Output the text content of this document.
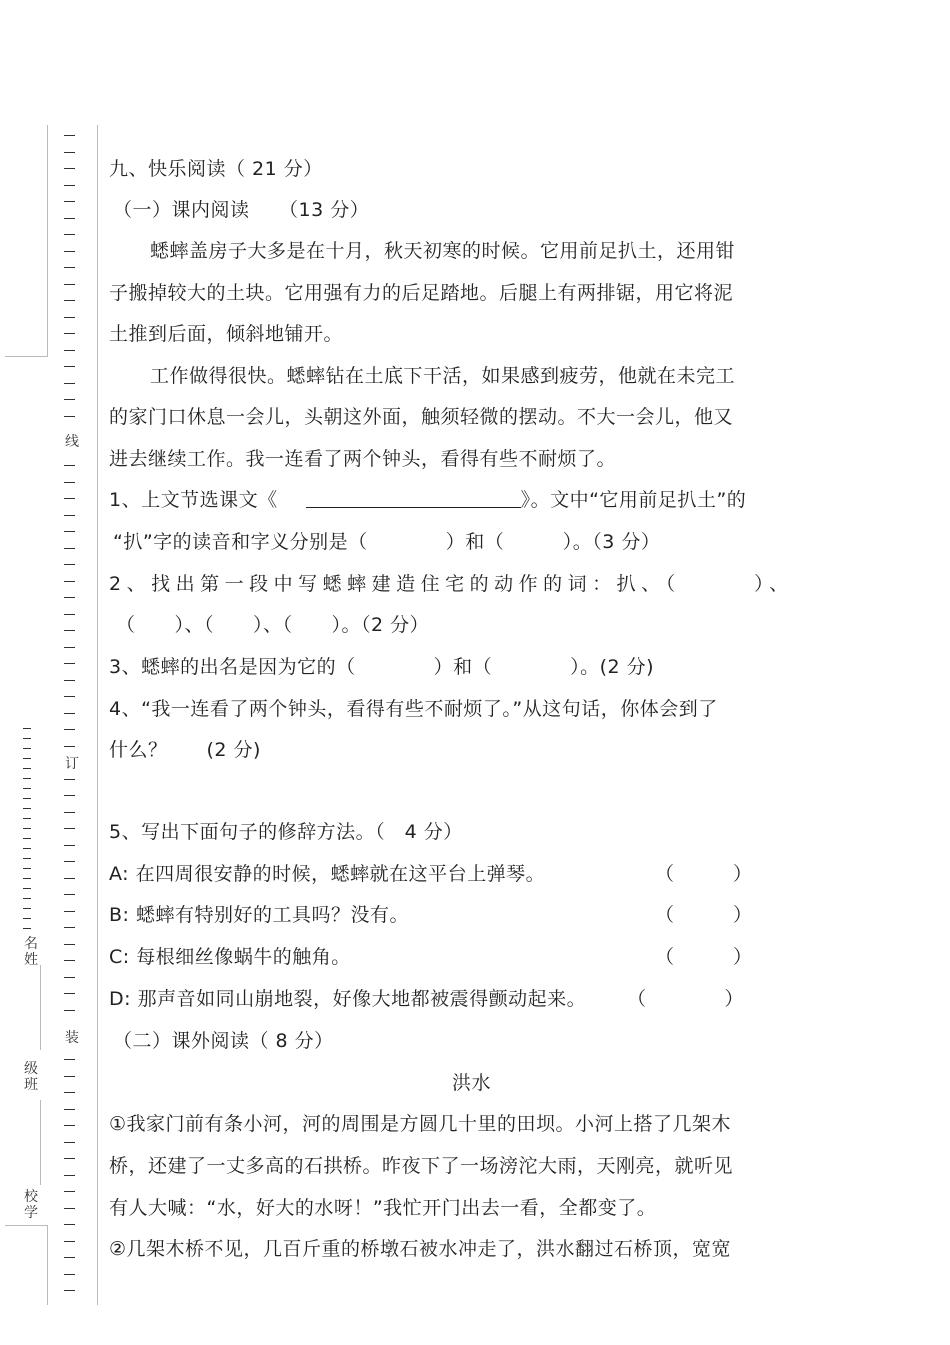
线
订
装
名
姓
级
班
校
学
九、快乐阅读（ 21 分）
（一）课内阅读　　（13 分）
蟋蟀盖房子大多是在十月，秋天初寒的时候。它用前足扒土，还用钳
子搬掉较大的土块。它用强有力的后足踏地。后腿上有两排锯，用它将泥
土推到后面，倾斜地铺开。
工作做得很快。蟋蟀钻在土底下干活，如果感到疲劳，他就在未完工
的家门口休息一会儿，头朝这外面，触须轻微的摆动。不大一会儿，他又
进去继续工作。我一连看了两个钟头，看得有些不耐烦了。
1、上文节选课文《	》。文中“它用前足扒土”的
“扒”字的读音和字义分别是（　　　　）和（　　　）。（3 分）
2、找出第一段中写蟋蟀建造住宅的动作的词：扒、（　　　）、
（　　）、（　　）、（　　）。（2 分）
3、蟋蟀的出名是因为它的（　　　　）和（　　　　）。(2 分)
4、“我一连看了两个钟头，看得有些不耐烦了。”从这句话，你体会到了
什么？　　(2 分)
5、写出下面句子的修辞方法。（　4 分）
A: 在四周很安静的时候，蟋蟀就在这平台上弹琴。	（　　　）
B: 蟋蟀有特别好的工具吗？没有。	（　　　）
C: 每根细丝像蜗牛的触角。	（　　　）
D: 那声音如同山崩地裂，好像大地都被震得颤动起来。 （　　　　）
（二）课外阅读（ 8 分）
洪水
①我家门前有条小河，河的周围是方圆几十里的田坝。小河上搭了几架木
桥，还建了一丈多高的石拱桥。昨夜下了一场滂沱大雨，天刚亮，就听见
有人大喊：“水，好大的水呀！”我忙开门出去一看，全都变了。
②几架木桥不见，几百斤重的桥墩石被水冲走了，洪水翻过石桥顶，宽宽
